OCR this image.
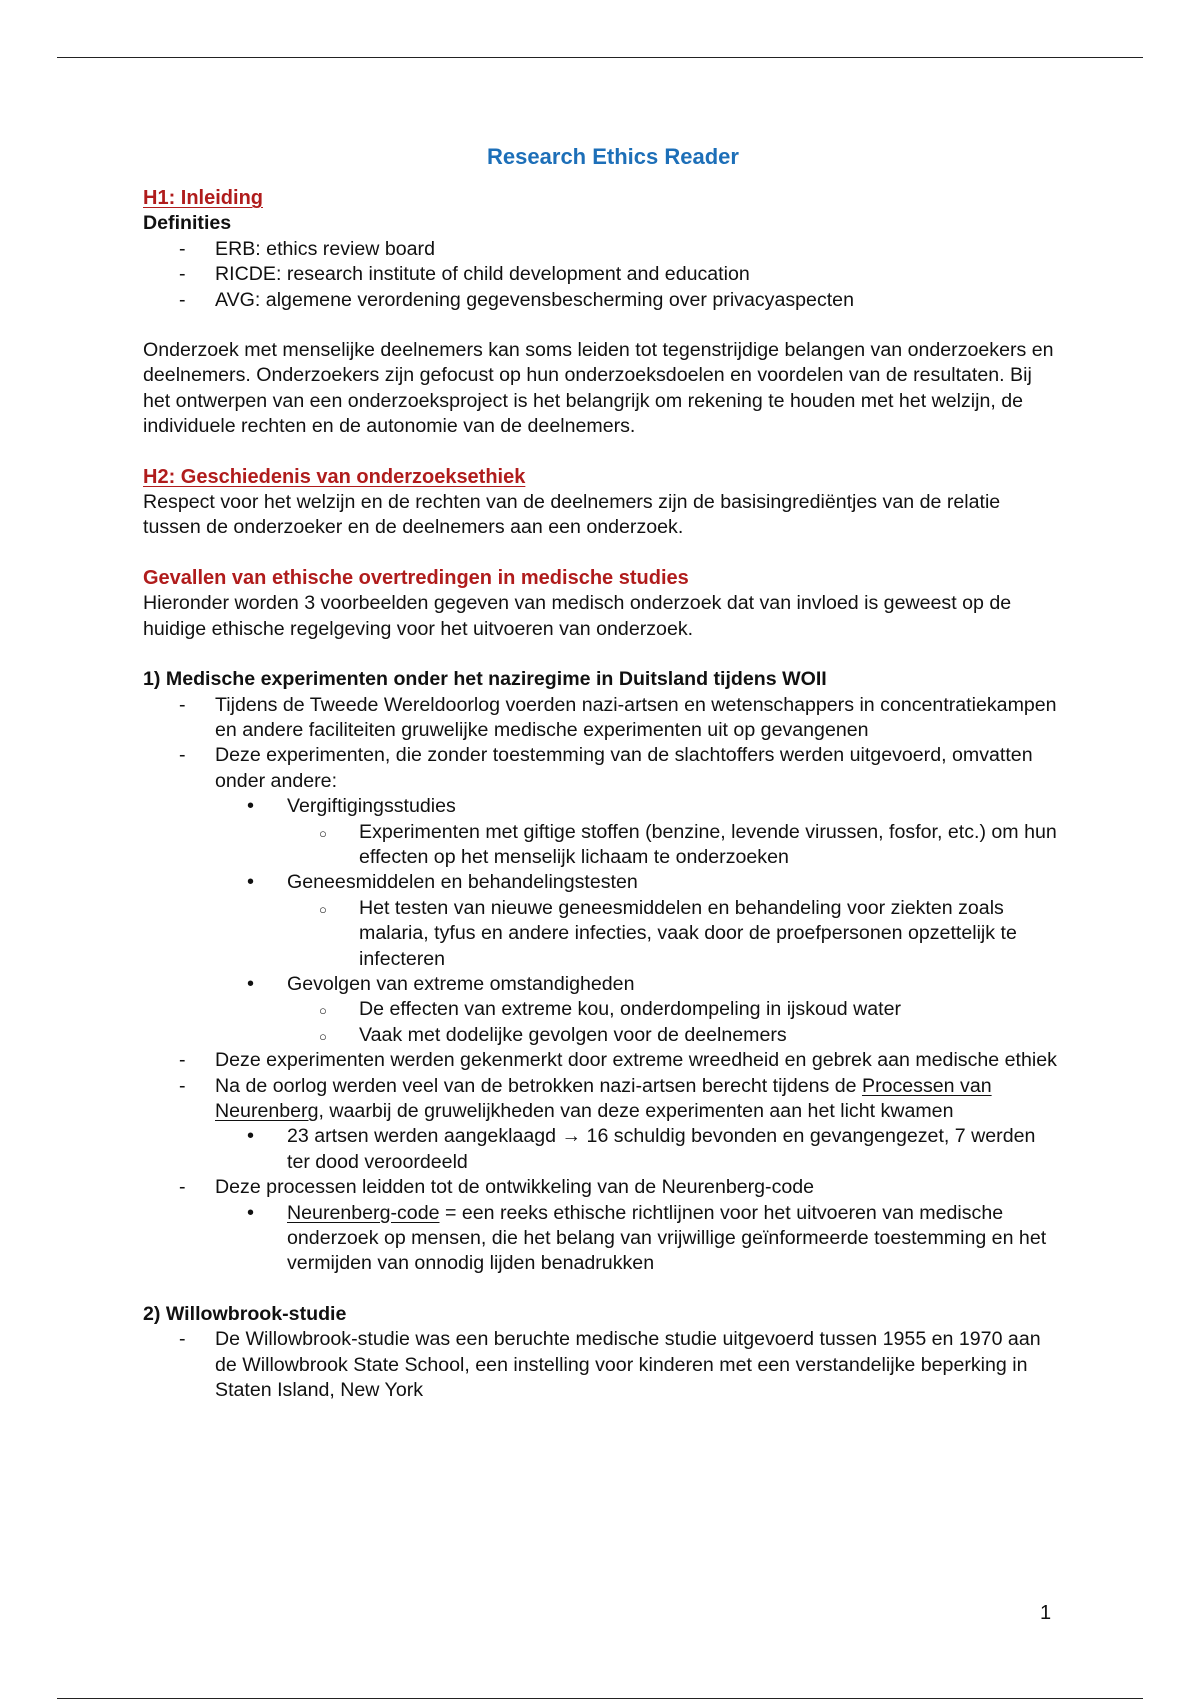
Research Ethics Reader
H1: Inleiding
Definities
- ERB: ethics review board
- RICDE: research institute of child development and education
- AVG: algemene verordening gegevensbescherming over privacyaspecten

Onderzoek met menselijke deelnemers kan soms leiden tot tegenstrijdige belangen van onderzoekers en deelnemers. Onderzoekers zijn gefocust op hun onderzoeksdoelen en voordelen van de resultaten. Bij het ontwerpen van een onderzoeksproject is het belangrijk om rekening te houden met het welzijn, de individuele rechten en de autonomie van de deelnemers.

H2: Geschiedenis van onderzoeksethiek

Respect voor het welzijn en de rechten van de deelnemers zijn de basisingrediëntjes van de relatie tussen de onderzoeker en de deelnemers aan een onderzoek.

Gevallen van ethische overtredingen in medische studies

Hieronder worden 3 voorbeelden gegeven van medisch onderzoek dat van invloed is geweest op de huidige ethische regelgeving voor het uitvoeren van onderzoek.

1) Medische experimenten onder het naziregime in Duitsland tijdens WOII
- Tijdens de Tweede Wereldoorlog voerden nazi-artsen en wetenschappers in concentratiekampen en andere faciliteiten gruwelijke medische experimenten uit op gevangenen
- Deze experimenten, die zonder toestemming van de slachtoffers werden uitgevoerd, omvatten onder andere:
• Vergiftigingsstudies
○ Experimenten met giftige stoffen (benzine, levende virussen, fosfor, etc.) om hun effecten op het menselijk lichaam te onderzoeken
• Geneesmiddelen en behandelingstesten
○ Het testen van nieuwe geneesmiddelen en behandeling voor ziekten zoals malaria, tyfus en andere infecties, vaak door de proefpersonen opzettelijk te infecteren
• Gevolgen van extreme omstandigheden
○ De effecten van extreme kou, onderdompeling in ijskoud water
○ Vaak met dodelijke gevolgen voor de deelnemers
- Deze experimenten werden gekenmerkt door extreme wreedheid en gebrek aan medische ethiek
- Na de oorlog werden veel van de betrokken nazi-artsen berecht tijdens de Processen van Neurenberg, waarbij de gruwelijkheden van deze experimenten aan het licht kwamen
• 23 artsen werden aangeklaagd → 16 schuldig bevonden en gevangengezet, 7 werden ter dood veroordeeld
- Deze processen leidden tot de ontwikkeling van de Neurenberg-code
• Neurenberg-code = een reeks ethische richtlijnen voor het uitvoeren van medische onderzoek op mensen, die het belang van vrijwillige geïnformeerde toestemming en het vermijden van onnodig lijden benadrukken
2) Willowbrook-studie
- De Willowbrook-studie was een beruchte medische studie uitgevoerd tussen 1955 en 1970 aan de Willowbrook State School, een instelling voor kinderen met een verstandelijke beperking in Staten Island, New York
1
